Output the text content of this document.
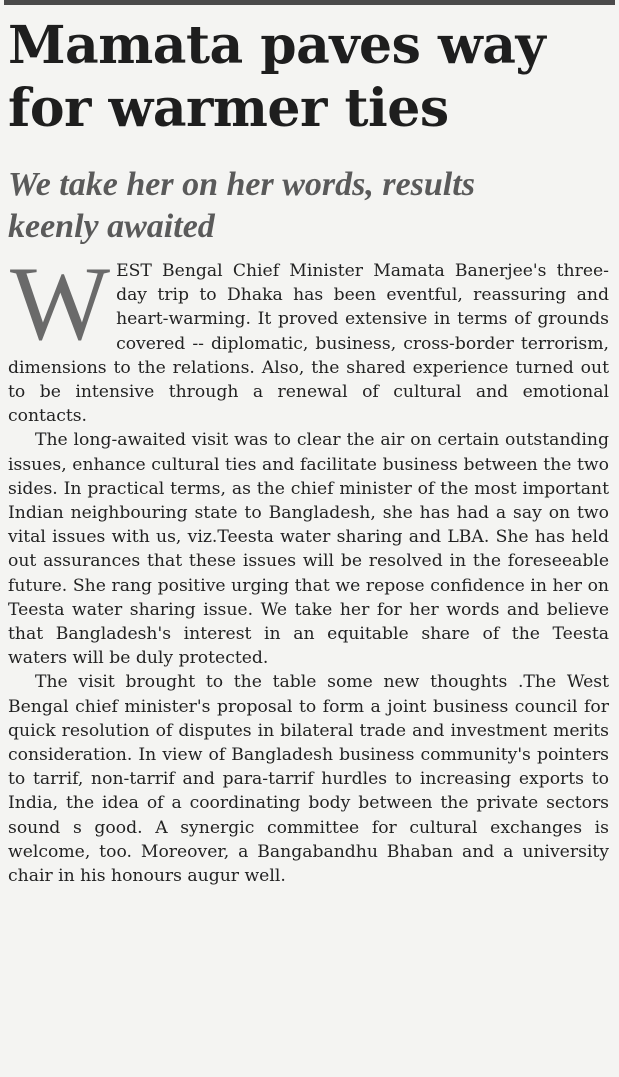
Mamata paves way
for warmer ties
We take her on her words, results
keenly awaited

WEST Bengal Chief Minister Mamata Banerjee's three-day trip to Dhaka has been eventful, reassuring and heart-warming. It proved extensive in terms of grounds covered -- diplomatic, business, cross-border terrorism, dimensions to the relations. Also, the shared experience turned out to be intensive through a renewal of cultural and emotional contacts.

The long-awaited visit was to clear the air on certain outstanding issues, enhance cultural ties and facilitate business between the two sides. In practical terms, as the chief minister of the most important Indian neighbouring state to Bangladesh, she has had a say on two vital issues with us, viz.Teesta water sharing and LBA. She has held out assurances that these issues will be resolved in the foreseeable future. She rang positive urging that we repose confidence in her on Teesta water sharing issue. We take her for her words and believe that Bangladesh's interest in an equitable share of the Teesta waters will be duly protected.

The visit brought to the table some new thoughts .The West Bengal chief minister's proposal to form a joint business council for quick resolution of disputes in bilateral trade and investment merits consideration. In view of Bangladesh business community's pointers to tarrif, non-tarrif and para-tarrif hurdles to increasing exports to India, the idea of a coordinating body between the private sectors sound s good. A synergic committee for cultural exchanges is welcome, too. Moreover, a Bangabandhu Bhaban and a university chair in his honours augur well.
